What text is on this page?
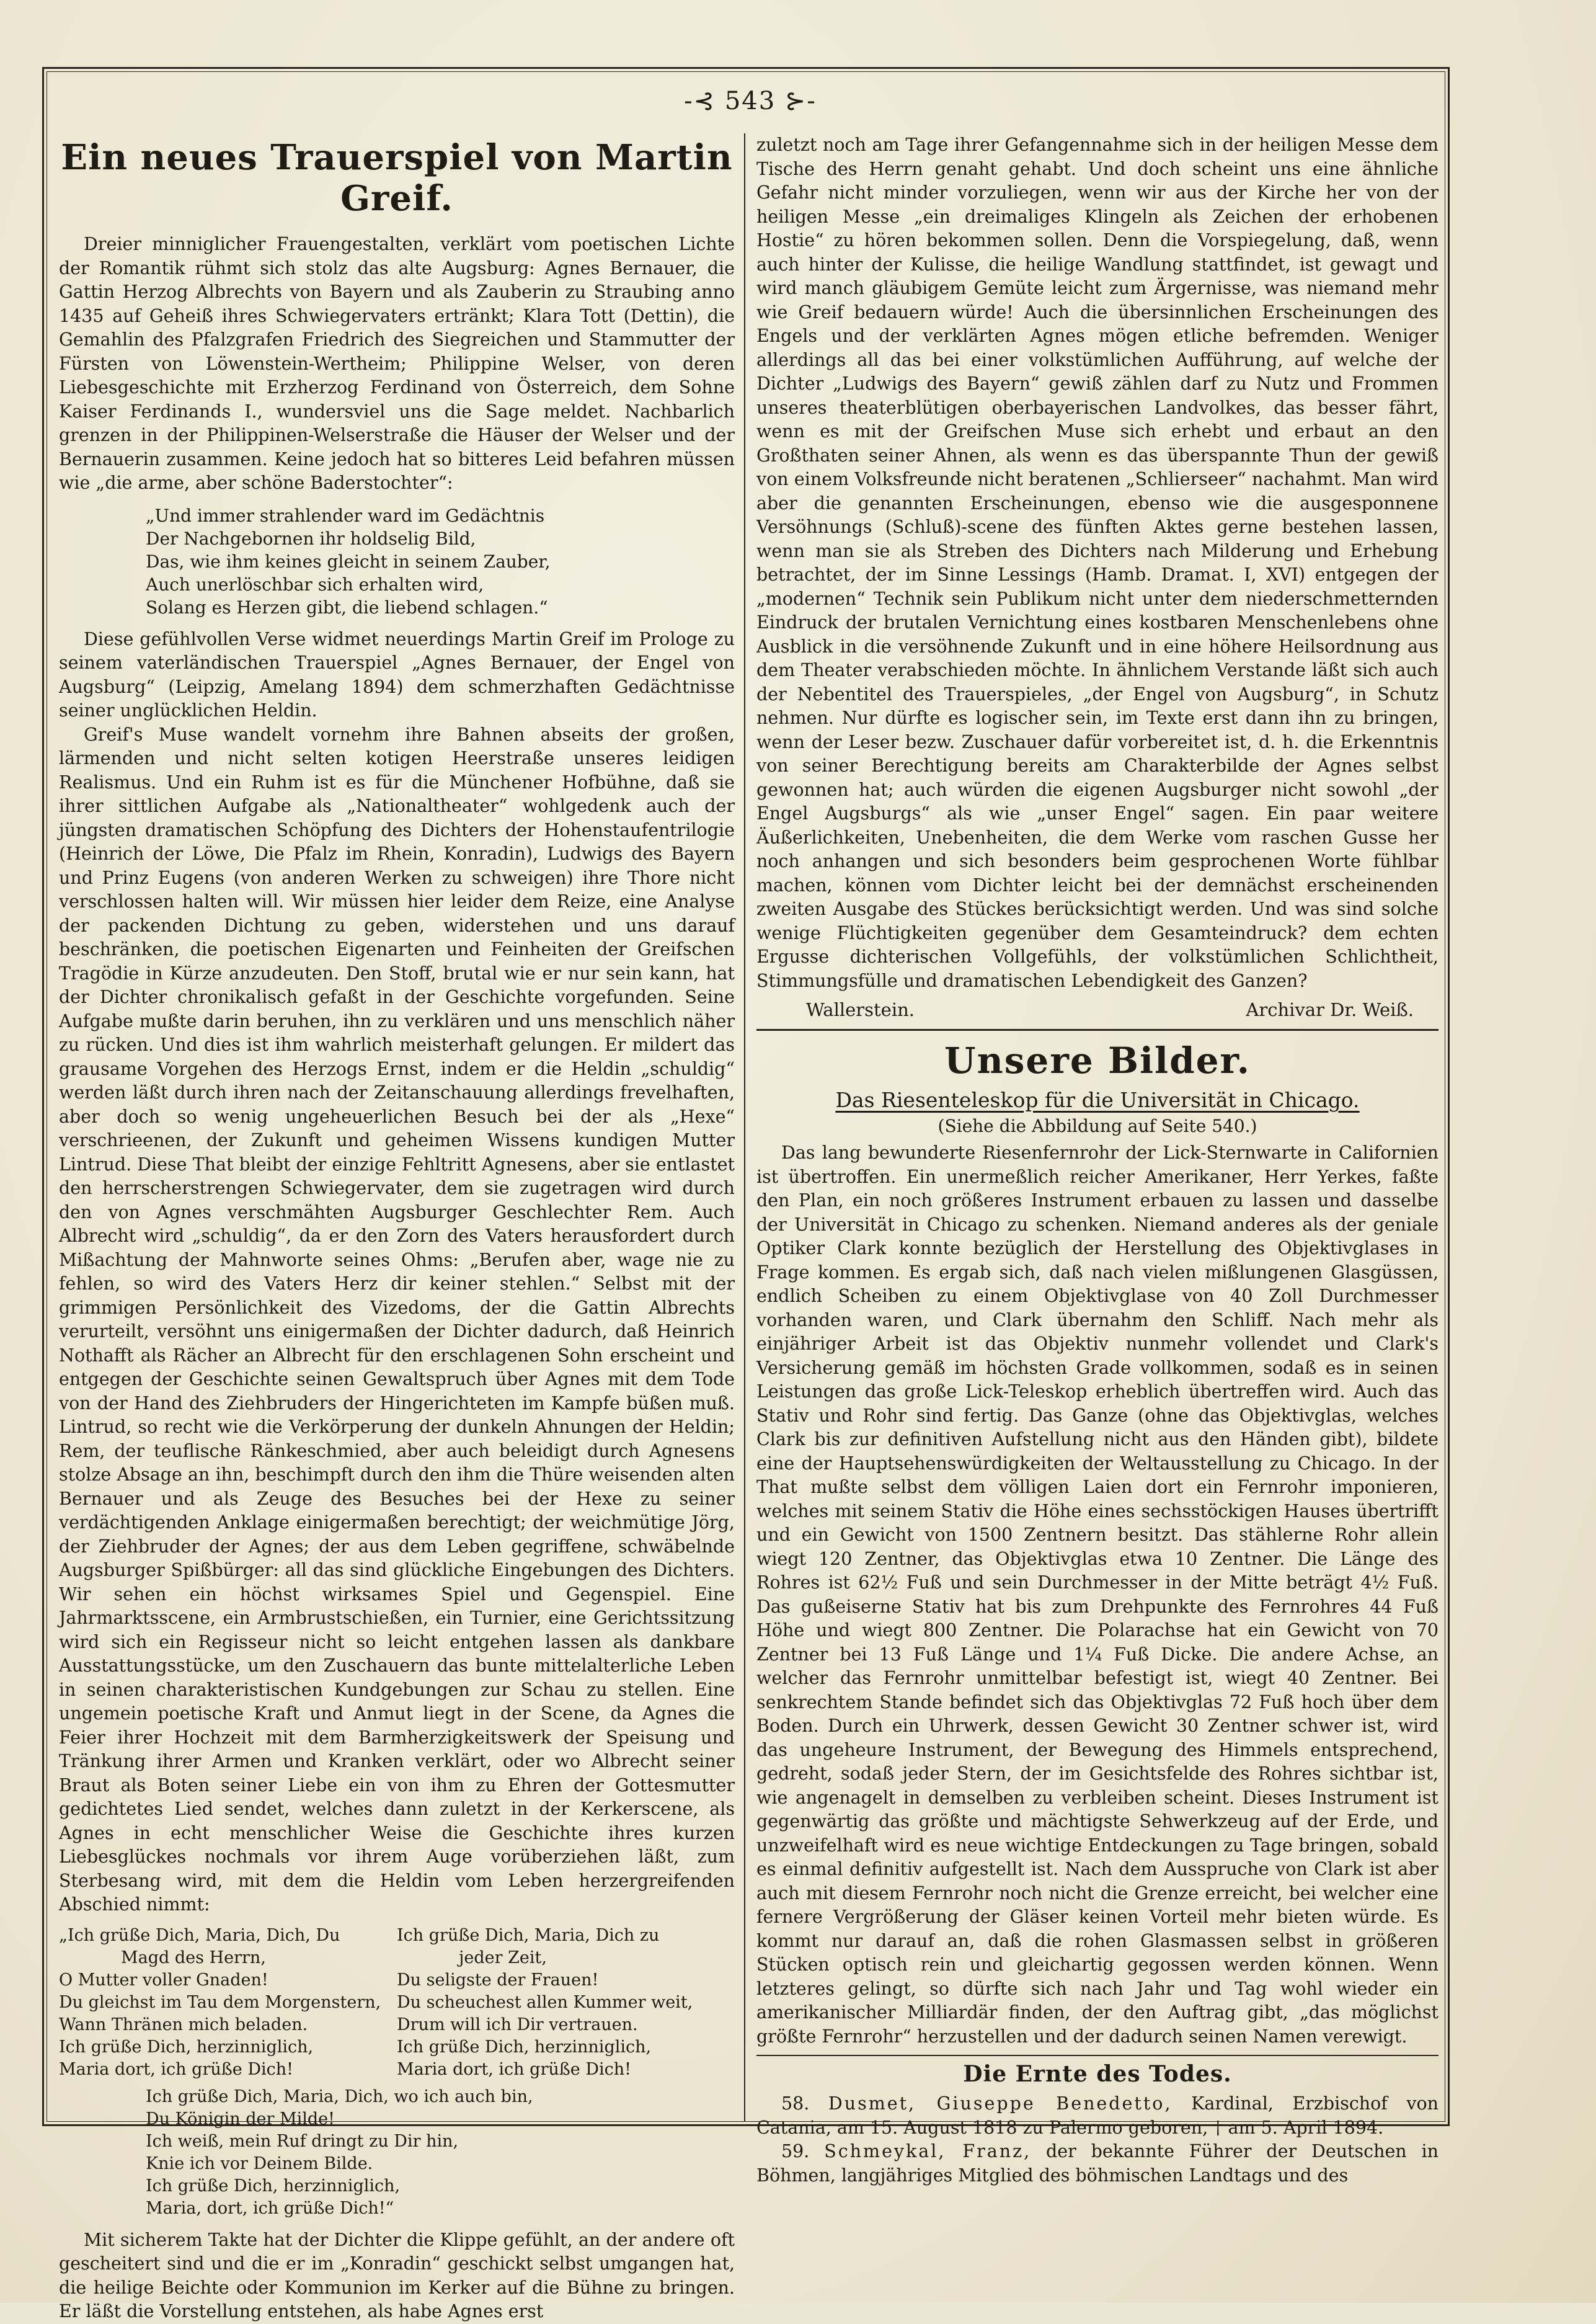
-⊰ 543 ⊱-
Ein neues Trauerspiel von Martin Greif.

Dreier minniglicher Frauengestalten, verklärt vom poetischen Lichte der Romantik rühmt sich stolz das alte Augsburg: Agnes Bernauer, die Gattin Herzog Albrechts von Bayern und als Zauberin zu Straubing anno 1435 auf Geheiß ihres Schwiegervaters ertränkt; Klara Tott (Dettin), die Gemahlin des Pfalzgrafen Friedrich des Siegreichen und Stammutter der Fürsten von Löwenstein-Wertheim; Philippine Welser, von deren Liebesgeschichte mit Erzherzog Ferdinand von Österreich, dem Sohne Kaiser Ferdinands I., wundersviel uns die Sage meldet. Nachbarlich grenzen in der Philippinen-Welserstraße die Häuser der Welser und der Bernauerin zusammen. Keine jedoch hat so bitteres Leid befahren müssen wie „die arme, aber schöne Baderstochter“:

„Und immer strahlender ward im Gedächtnis
Der Nachgebornen ihr holdselig Bild,
Das, wie ihm keines gleicht in seinem Zauber,
Auch unerlöschbar sich erhalten wird,
Solang es Herzen gibt, die liebend schlagen.“

Diese gefühlvollen Verse widmet neuerdings Martin Greif im Prologe zu seinem vaterländischen Trauerspiel „Agnes Bernauer, der Engel von Augsburg“ (Leipzig, Amelang 1894) dem schmerzhaften Gedächtnisse seiner unglücklichen Heldin.

Greif's Muse wandelt vornehm ihre Bahnen abseits der großen, lärmenden und nicht selten kotigen Heerstraße unseres leidigen Realismus. Und ein Ruhm ist es für die Münchener Hofbühne, daß sie ihrer sittlichen Aufgabe als „Nationaltheater“ wohlgedenk auch der jüngsten dramatischen Schöpfung des Dichters der Hohenstaufentrilogie (Heinrich der Löwe, Die Pfalz im Rhein, Konradin), Ludwigs des Bayern und Prinz Eugens (von anderen Werken zu schweigen) ihre Thore nicht verschlossen halten will. Wir müssen hier leider dem Reize, eine Analyse der packenden Dichtung zu geben, widerstehen und uns darauf beschränken, die poetischen Eigenarten und Feinheiten der Greifschen Tragödie in Kürze anzudeuten. Den Stoff, brutal wie er nur sein kann, hat der Dichter chronikalisch gefaßt in der Geschichte vorgefunden. Seine Aufgabe mußte darin beruhen, ihn zu verklären und uns menschlich näher zu rücken. Und dies ist ihm wahrlich meisterhaft gelungen. Er mildert das grausame Vorgehen des Herzogs Ernst, indem er die Heldin „schuldig“ werden läßt durch ihren nach der Zeitanschauung allerdings frevelhaften, aber doch so wenig ungeheuerlichen Besuch bei der als „Hexe“ verschrieenen, der Zukunft und geheimen Wissens kundigen Mutter Lintrud. Diese That bleibt der einzige Fehltritt Agnesens, aber sie entlastet den herrscherstrengen Schwiegervater, dem sie zugetragen wird durch den von Agnes verschmähten Augsburger Geschlechter Rem. Auch Albrecht wird „schuldig“, da er den Zorn des Vaters herausfordert durch Mißachtung der Mahnworte seines Ohms: „Berufen aber, wage nie zu fehlen, so wird des Vaters Herz dir keiner stehlen.“ Selbst mit der grimmigen Persönlichkeit des Vizedoms, der die Gattin Albrechts verurteilt, versöhnt uns einigermaßen der Dichter dadurch, daß Heinrich Nothafft als Rächer an Albrecht für den erschlagenen Sohn erscheint und entgegen der Geschichte seinen Gewaltspruch über Agnes mit dem Tode von der Hand des Ziehbruders der Hingerichteten im Kampfe büßen muß. Lintrud, so recht wie die Verkörperung der dunkeln Ahnungen der Heldin; Rem, der teuflische Ränkeschmied, aber auch beleidigt durch Agnesens stolze Absage an ihn, beschimpft durch den ihm die Thüre weisenden alten Bernauer und als Zeuge des Besuches bei der Hexe zu seiner verdächtigenden Anklage einigermaßen berechtigt; der weichmütige Jörg, der Ziehbruder der Agnes; der aus dem Leben gegriffene, schwäbelnde Augsburger Spißbürger: all das sind glückliche Eingebungen des Dichters. Wir sehen ein höchst wirksames Spiel und Gegenspiel. Eine Jahrmarktsscene, ein Armbrustschießen, ein Turnier, eine Gerichtssitzung wird sich ein Regisseur nicht so leicht entgehen lassen als dankbare Ausstattungsstücke, um den Zuschauern das bunte mittelalterliche Leben in seinen charakteristischen Kundgebungen zur Schau zu stellen. Eine ungemein poetische Kraft und Anmut liegt in der Scene, da Agnes die Feier ihrer Hochzeit mit dem Barmherzigkeitswerk der Speisung und Tränkung ihrer Armen und Kranken verklärt, oder wo Albrecht seiner Braut als Boten seiner Liebe ein von ihm zu Ehren der Gottesmutter gedichtetes Lied sendet, welches dann zuletzt in der Kerkerscene, als Agnes in echt menschlicher Weise die Geschichte ihres kurzen Liebesglückes nochmals vor ihrem Auge vorüberziehen läßt, zum Sterbesang wird, mit dem die Heldin vom Leben herzergreifenden Abschied nimmt:

„Ich grüße Dich, Maria, Dich, Du
Magd des Herrn,
O Mutter voller Gnaden!
Du gleichst im Tau dem Morgenstern,
Wann Thränen mich beladen.
Ich grüße Dich, herzinniglich,
Maria dort, ich grüße Dich!
Ich grüße Dich, Maria, Dich zu
jeder Zeit,
Du seligste der Frauen!
Du scheuchest allen Kummer weit,
Drum will ich Dir vertrauen.
Ich grüße Dich, herzinniglich,
Maria dort, ich grüße Dich!
Ich grüße Dich, Maria, Dich, wo ich auch bin,
Du Königin der Milde!
Ich weiß, mein Ruf dringt zu Dir hin,
Knie ich vor Deinem Bilde.
Ich grüße Dich, herzinniglich,
Maria, dort, ich grüße Dich!“

Mit sicherem Takte hat der Dichter die Klippe gefühlt, an der andere oft gescheitert sind und die er im „Konradin“ geschickt selbst umgangen hat, die heilige Beichte oder Kommunion im Kerker auf die Bühne zu bringen. Er läßt die Vorstellung entstehen, als habe Agnes erst

zuletzt noch am Tage ihrer Gefangennahme sich in der heiligen Messe dem Tische des Herrn genaht gehabt. Und doch scheint uns eine ähnliche Gefahr nicht minder vorzuliegen, wenn wir aus der Kirche her von der heiligen Messe „ein dreimaliges Klingeln als Zeichen der erhobenen Hostie“ zu hören bekommen sollen. Denn die Vorspiegelung, daß, wenn auch hinter der Kulisse, die heilige Wandlung stattfindet, ist gewagt und wird manch gläubigem Gemüte leicht zum Ärgernisse, was niemand mehr wie Greif bedauern würde! Auch die übersinnlichen Erscheinungen des Engels und der verklärten Agnes mögen etliche befremden. Weniger allerdings all das bei einer volkstümlichen Aufführung, auf welche der Dichter „Ludwigs des Bayern“ gewiß zählen darf zu Nutz und Frommen unseres theaterblütigen oberbayerischen Landvolkes, das besser fährt, wenn es mit der Greifschen Muse sich erhebt und erbaut an den Großthaten seiner Ahnen, als wenn es das überspannte Thun der gewiß von einem Volksfreunde nicht beratenen „Schlierseer“ nachahmt. Man wird aber die genannten Erscheinungen, ebenso wie die ausgesponnene Versöhnungs (Schluß)-scene des fünften Aktes gerne bestehen lassen, wenn man sie als Streben des Dichters nach Milderung und Erhebung betrachtet, der im Sinne Lessings (Hamb. Dramat. I, XVI) entgegen der „modernen“ Technik sein Publikum nicht unter dem niederschmetternden Eindruck der brutalen Vernichtung eines kostbaren Menschenlebens ohne Ausblick in die versöhnende Zukunft und in eine höhere Heilsordnung aus dem Theater verabschieden möchte. In ähnlichem Verstande läßt sich auch der Nebentitel des Trauerspieles, „der Engel von Augsburg“, in Schutz nehmen. Nur dürfte es logischer sein, im Texte erst dann ihn zu bringen, wenn der Leser bezw. Zuschauer dafür vorbereitet ist, d. h. die Erkenntnis von seiner Berechtigung bereits am Charakterbilde der Agnes selbst gewonnen hat; auch würden die eigenen Augsburger nicht sowohl „der Engel Augsburgs“ als wie „unser Engel“ sagen. Ein paar weitere Äußerlichkeiten, Unebenheiten, die dem Werke vom raschen Gusse her noch anhangen und sich besonders beim gesprochenen Worte fühlbar machen, können vom Dichter leicht bei der demnächst erscheinenden zweiten Ausgabe des Stückes berücksichtigt werden. Und was sind solche wenige Flüchtigkeiten gegenüber dem Gesamteindruck? dem echten Ergusse dichterischen Vollgefühls, der volkstümlichen Schlichtheit, Stimmungsfülle und dramatischen Lebendigkeit des Ganzen?

Wallerstein.	Archivar Dr. Weiß.
Unsere Bilder.
Das Riesenteleskop für die Universität in Chicago.
(Siehe die Abbildung auf Seite 540.)

Das lang bewunderte Riesenfernrohr der Lick-Sternwarte in Californien ist übertroffen. Ein unermeßlich reicher Amerikaner, Herr Yerkes, faßte den Plan, ein noch größeres Instrument erbauen zu lassen und dasselbe der Universität in Chicago zu schenken. Niemand anderes als der geniale Optiker Clark konnte bezüglich der Herstellung des Objektivglases in Frage kommen. Es ergab sich, daß nach vielen mißlungenen Glasgüssen, endlich Scheiben zu einem Objektivglase von 40 Zoll Durchmesser vorhanden waren, und Clark übernahm den Schliff. Nach mehr als einjähriger Arbeit ist das Objektiv nunmehr vollendet und Clark's Versicherung gemäß im höchsten Grade vollkommen, sodaß es in seinen Leistungen das große Lick-Teleskop erheblich übertreffen wird. Auch das Stativ und Rohr sind fertig. Das Ganze (ohne das Objektivglas, welches Clark bis zur definitiven Aufstellung nicht aus den Händen gibt), bildete eine der Hauptsehenswürdigkeiten der Weltausstellung zu Chicago. In der That mußte selbst dem völligen Laien dort ein Fernrohr imponieren, welches mit seinem Stativ die Höhe eines sechsstöckigen Hauses übertrifft und ein Gewicht von 1500 Zentnern besitzt. Das stählerne Rohr allein wiegt 120 Zentner, das Objektivglas etwa 10 Zentner. Die Länge des Rohres ist 62½ Fuß und sein Durchmesser in der Mitte beträgt 4½ Fuß. Das gußeiserne Stativ hat bis zum Drehpunkte des Fernrohres 44 Fuß Höhe und wiegt 800 Zentner. Die Polarachse hat ein Gewicht von 70 Zentner bei 13 Fuß Länge und 1¼ Fuß Dicke. Die andere Achse, an welcher das Fernrohr unmittelbar befestigt ist, wiegt 40 Zentner. Bei senkrechtem Stande befindet sich das Objektivglas 72 Fuß hoch über dem Boden. Durch ein Uhrwerk, dessen Gewicht 30 Zentner schwer ist, wird das ungeheure Instrument, der Bewegung des Himmels entsprechend, gedreht, sodaß jeder Stern, der im Gesichtsfelde des Rohres sichtbar ist, wie angenagelt in demselben zu verbleiben scheint. Dieses Instrument ist gegenwärtig das größte und mächtigste Sehwerkzeug auf der Erde, und unzweifelhaft wird es neue wichtige Entdeckungen zu Tage bringen, sobald es einmal definitiv aufgestellt ist. Nach dem Ausspruche von Clark ist aber auch mit diesem Fernrohr noch nicht die Grenze erreicht, bei welcher eine fernere Vergrößerung der Gläser keinen Vorteil mehr bieten würde. Es kommt nur darauf an, daß die rohen Glasmassen selbst in größeren Stücken optisch rein und gleichartig gegossen werden können. Wenn letzteres gelingt, so dürfte sich nach Jahr und Tag wohl wieder ein amerikanischer Milliardär finden, der den Auftrag gibt, „das möglichst größte Fernrohr“ herzustellen und der dadurch seinen Namen verewigt.

Die Ernte des Todes.

58. Dusmet, Giuseppe Benedetto, Kardinal, Erzbischof von Catania, am 15. August 1818 zu Palermo geboren, † am 5. April 1894.

59. Schmeykal, Franz, der bekannte Führer der Deutschen in Böhmen, langjähriges Mitglied des böhmischen Landtags und des
